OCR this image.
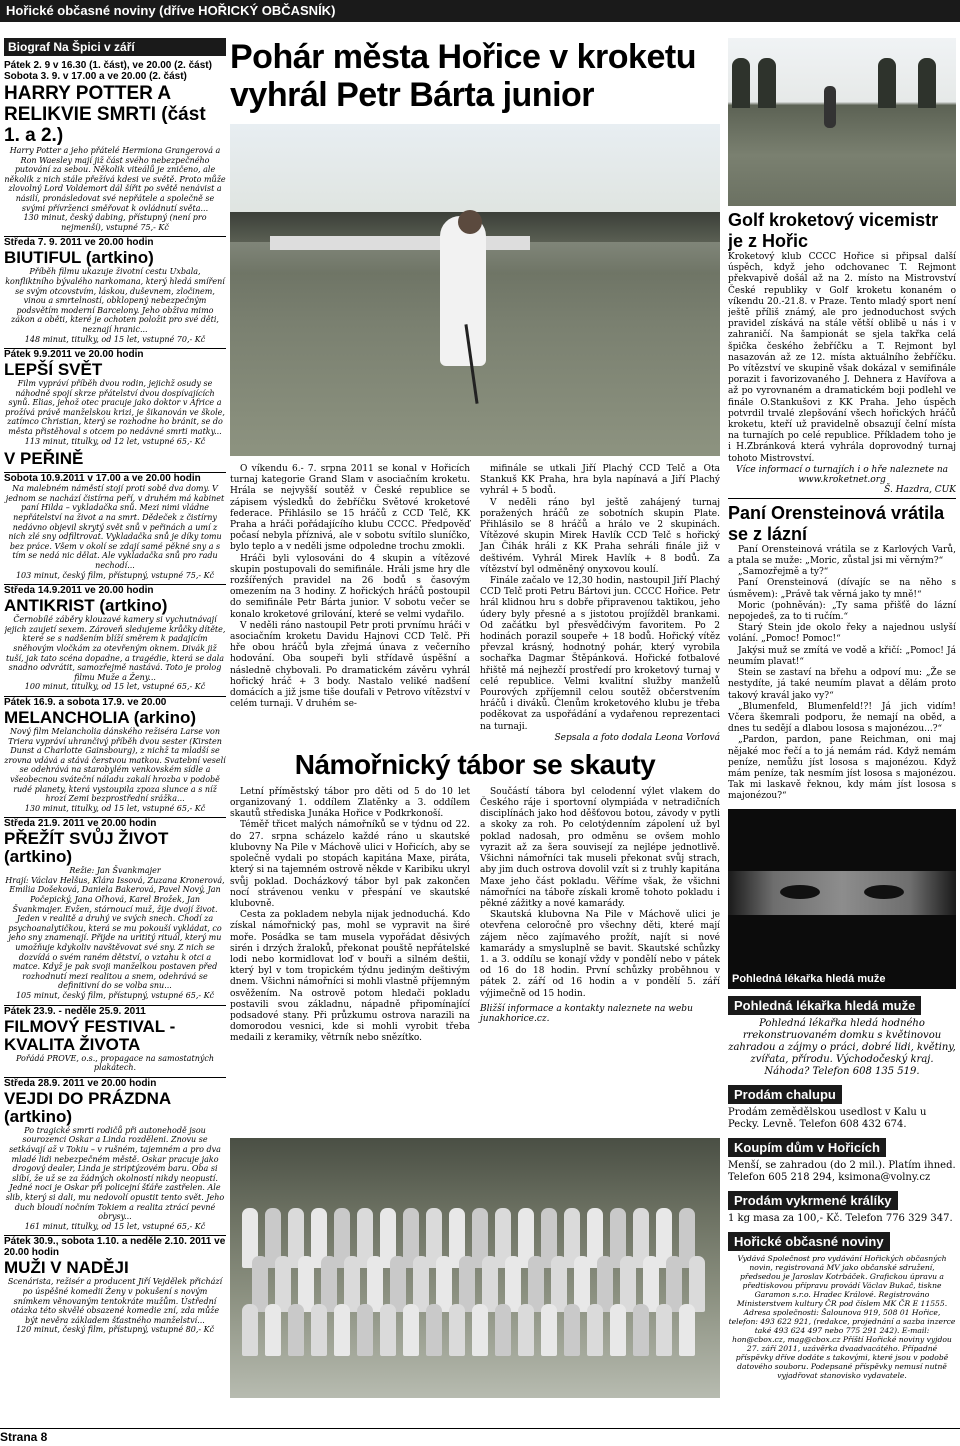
Hořické občasné noviny (dříve HOŘICKÝ OBČASNÍK)
Biograf Na Špici v září
Pátek 2. 9 v 16.30 (1. část), ve 20.00 (2. část)
Sobota 3. 9. v 17.00 a ve 20.00 (2. část)
HARRY POTTER A RELIKVIE SMRTI (část 1. a 2.)
Harry Potter a jeho přátelé Hermiona Grangerová a Ron Waesley mají již část svého nebezpečného putování za sebou. Několik viteálů je zničeno, ale několik z nich stále přežívá kdesi ve světě. Proto může zlovolný Lord Voldemort dál šířit po světě nenávist a násilí, pronásledovat své nepřátele a společně se svými přívrženci směřovat k ovládnutí světa...
130 minut, český dabing, přístupný (není pro nejmenší), vstupné 75,- Kč
Středa 7. 9. 2011 ve 20.00 hodin
BIUTIFUL (artkino)
Příběh filmu ukazuje životní cestu Uxbala, konfliktního bývalého narkomana, který hledá smíření se svým otcovstvím, láskou, duševnem, zločinem, vinou a smrtelností, obklopený nebezpečným podsvětím moderní Barcelony. Jeho obživa mimo zákon a oběti, které je ochoten položit pro své děti, neznají hranic...
148 minut, titulky, od 15 let, vstupné 70,- Kč
Pátek 9.9.2011 ve 20.00 hodin
LEPŠÍ SVĚT
Film vypráví příběh dvou rodin, jejichž osudy se náhodně spojí skrze přátelství dvou dospívajících synů. Elias, jehož otec pracuje jako doktor v Africe a prožívá právě manželskou krizi, je šikanován ve škole, zatímco Christian, který se rozhodne ho bránit, se do města přistěhoval s otcem po nedávné smrti matky...
113 minut, titulky, od 12 let, vstupné 65,- Kč
V PEŘINĚ
Sobota 10.9.2011 v 17.00 a ve 20.00 hodin
Na malebném náměstí stojí proti sobě dva domy. V jednom se nachází čistírna peří, v druhém má kabinet paní Hilda – vykladačka snů. Mezi nimi vládne nepřátelství na život a na smrt. Dědeček z čistírny nedávno objevil skrytý svět snů v peřinách a umí z nich zlé sny odfiltrovat. Vykladačka snů je díky tomu bez práce. Všem v okolí se zdají samé pěkné sny a s tím se nedá nic dělat. Ale vykladačka snů pro radu nechodí...
103 minut, český film, přístupný, vstupné 75,- Kč
Středa 14.9.2011 ve 20.00 hodin
ANTIKRIST (artkino)
Černobílé záběry klouzavé kamery si vychutnávají jejich zaujetí sexem. Zároveň sledujeme krůčky dítěte, které se s nadšením blíží směrem k padajícím sněhovým vločkám za otevřeným oknem. Divák již tuší, jak tato scéna dopadne, a tragédie, která se dala snadno odvrátit, samozřejmě nastává. Toto je prolog filmu Muže a Ženy...
100 minut, titulky, od 15 let, vstupné 65,- Kč
Pátek 16.9. a sobota 17.9. ve 20.00
MELANCHOLIA (arkino)
Nový film Melancholia dánského režiséra Larse von Triera vypráví uhrančivý příběh dvou sester (Kirsten Dunst a Charlotte Gainsbourg), z nichž ta mladší se zrovna vdává a stává čerstvou matkou. Svatební veselí se odehrává na starobylém venkovském sídle a všeobecnou sváteční náladu zakalí hrozba v podobě rudé planety, která vystoupila zpoza slunce a s níž hrozí Zemi bezprostřední srážka...
130 minut, titulky, od 15 let, vstupné 65,- Kč
Středa 21.9. 2011 ve 20.00 hodin
PŘEŽÍT SVŮJ ŽIVOT (artkino)
Režie: Jan Švankmajer
Hrají: Václav Helšus, Klára Issová, Zuzana Kronerová, Emilia Došeková, Daniela Bakerová, Pavel Nový, Jan Počepický, Jana Oľhová, Karel Brožek, Jan Švankmajer. Evžen, stárnoucí muž, žije dvojí život. Jeden v realitě a druhý ve svých snech. Chodí za psychoanalytičkou, která se mu pokouší vykládat, co jeho sny znamenají. Přijde na urititý rituál, který mu umožňuje kdykoliv navštěvovat své sny. Z nich se dozvídá o svém raném dětství, o vztahu k otci a matce. Když je pak svoji manželkou postaven před rozhodnutí mezi realitou a snem, odehrává se definitivní do se volba snu...
105 minut, český film, přístupný, vstupné 65,- Kč
Pátek 23.9. - neděle 25.9. 2011
FILMOVÝ FESTIVAL - KVALITA ŽIVOTA
Pořádá PROVE, o.s., propagace na samostatných plakátech.
Středa 28.9. 2011 ve 20.00 hodin
VEJDI DO PRÁZDNA (artkino)
Po tragické smrti rodičů při autonehodě jsou sourozenci Oskar a Linda rozděleni. Znovu se setkávají až v Tokiu – v rušném, tajemném a pro dva mladé lidi nebezpečném městě. Oskar pracuje jako drogový dealer, Linda je striptýzovém baru. Oba si slíbí, že už se za žádných okolností nikdy neopustí. Jedné noci je Oskar při policejní šťáře zastřelen. Ale slib, který si dali, mu nedovolí opustit tento svět. Jeho duch bloudí nočním Tokiem a realita ztrácí pevné obrysy...
161 minut, titulky, od 15 let, vstupné 65,- Kč
Pátek 30.9., sobota 1.10. a neděle 2.10. 2011 ve 20.00 hodin
MUŽI V NADĚJI
Scenárista, režisér a producent Jiří Vejdělek přichází po úspěšné komedii Ženy v pokušení s novým snímkem věnovaným tentokráte mužům. Ústřední otázka této skvělé obsazené komedie zní, zda může být nevěra základem šťastného manželství...
120 minut, český film, přístupný, vstupné 80,- Kč
Pohár města Hořice v kroketu vyhrál Petr Bárta junior

O víkendu 6.- 7. srpna 2011 se konal v Hořicích turnaj kategorie Grand Slam v asociačním kroketu. Hrála se nejvyšší soutěž v České republice se zápisem výsledků do žebříčku Světové kroketové federace. Přihlásilo se 15 hráčů z CCD Telč, KK Praha a hráči pořádajícího klubu CCCC. Předpověď počasí nebyla příznivá, ale v sobotu svítilo sluníčko, bylo teplo a v neděli jsme odpoledne trochu zmokli.

Hráči byli vylosováni do 4 skupin a vítězové skupin postupovali do semifinále. Hráli jsme hry dle rozšířených pravidel na 26 bodů s časovým omezením na 3 hodiny. Z hořických hráčů postoupil do semifinále Petr Bárta junior. V sobotu večer se konalo kroketové grilování, které se velmi vydařilo.

V neděli ráno nastoupil Petr proti prvnímu hráči v asociačním kroketu Davidu Hajnovi CCD Telč. Při hře obou hráčů byla zřejmá únava z večerního hodování. Oba soupeři byli střídavě úspěšní a následně chybovali. Po dramatickém závěru vyhrál hořický hráč + 3 body. Nastalo veliké nadšení domácích a již jsme tiše doufali v Petrovo vítězství v celém turnaji. V druhém se-

mifinále se utkali Jiří Plachý CCD Telč a Ota Stankuš KK Praha, hra byla napínavá a Jiří Plachý vyhrál + 5 bodů.

V neděli ráno byl ještě zahájený turnaj poražených hráčů ze sobotních skupin Plate. Přihlásilo se 8 hráčů a hrálo ve 2 skupinách. Vítězové skupin Mirek Havlík CCD Telč s hořický Jan Čihák hráli z KK Praha sehráli finále již v deštivém. Vyhrál Mirek Havlík + 8 bodů. Za vítězství byl odměněný onyxovou koulí.

Finále začalo ve 12,30 hodin, nastoupil Jiří Plachý CCD Telč proti Petru Bártovi jun. CCCC Hořice. Petr hrál klidnou hru s dobře připravenou taktikou, jeho údery byly přesné a s jistotou projížděl brankami. Od začátku byl přesvědčivým favoritem. Po 2 hodinách porazil soupeře + 18 bodů. Hořický vítěz převzal krásný, hodnotný pohár, který vyrobila sochařka Dagmar Štěpánková. Hořické fotbalové hřiště má nejhezčí prostředí pro kroketový turnaj v celé republice. Velmi kvalitní služby manželů Pourových zpříjemnil celou soutěž občerstvením hráčů i diváků. Členům kroketového klubu je třeba poděkovat za uspořádání a vydařenou reprezentaci na turnaji.

Sepsala a foto dodala Leona Vorlová
Námořnický tábor se skauty

Letní příměstský tábor pro děti od 5 do 10 let organizovaný 1. oddílem Zlatěnky a 3. oddílem skautů střediska Junáka Hořice v Podkrkonoší.

Téměř třicet malých námořníků se v týdnu od 22. do 27. srpna scházelo každé ráno u skautské klubovny Na Pile v Máchově ulici v Hořicích, aby se společně vydali po stopách kapitána Maxe, piráta, který si na tajemném ostrově někde v Karibiku ukryl svůj poklad. Docházkový tábor byl pak zakončen nocí strávenou venku v přespání ve skautské klubovně.

Cesta za pokladem nebyla nijak jednoduchá. Kdo získal námořnický pas, mohl se vypravit na širé moře. Posádka se tam musela vypořádat děsivých sirén i drzých žraloků, překonat pouště nepřátelské lodi nebo kormidlovat loď v bouři a silném deštii, který byl v tom tropickém týdnu jediným deštivým dnem. Všichni námořníci si mohli vlastně příjemným osvěžením. Na ostrově potom hledači pokladu postavili svou základnu, nápadně připomínající podsadové stany. Při průzkumu ostrova narazili na domorodou vesnici, kde si mohli vyrobit třeba medaili z keramiky, větrník nebo snězítko.

Součástí tábora byl celodenní výlet vlakem do Českého ráje i sportovní olympiáda v netradičních disciplínách jako hod děšťovou botou, závody v pytli a skoky za roh. Po celotýdenním zápolení už byl poklad nadosah, pro odměnu se ovšem mohlo vyrazit až za šera souvisejí za nejlépe jednotlivě. Všichni námořníci tak museli překonat svůj strach, aby jim duch ostrova dovolil vzít si z truhly kapitána Maxe jeho část pokladu. Věříme však, že všichni námořníci na táboře získali kromě tohoto pokladu i pěkné zážitky a nové kamarády.

Skautská klubovna Na Pile v Máchově ulici je otevřena celoročně pro všechny děti, které mají zájem něco zajímavého prožít, najít si nové kamarády a smysluplně se bavit. Skautské schůzky 1. a 3. oddílu se konají vždy v pondělí nebo v pátek od 16 do 18 hodin. První schůzky proběhnou v pátek 2. září od 16 hodin a v pondělí 5. září výjimečně od 15 hodin.

Bližší informace a kontakty naleznete na webu junakhorice.cz.
Golf kroketový vicemistr je z Hořic
Kroketový klub CCCC Hořice si připsal další úspěch, když jeho odchovanec T. Rejmont překvapivě došál až na 2. místo na Mistrovství České republiky v Golf kroketu konaném o víkendu 20.-21.8. v Praze. Tento mladý sport není ještě příliš známý, ale pro jednoduchost svých pravidel získává na stále větší oblibě u nás i v zahraničí. Na šampionát se sjela takřka celá špička českého žebříčku a T. Rejmont byl nasazován až ze 12. místa aktuálního žebříčku. Po vítězství ve skupině však dokázal v semifinále porazit i favorizovaného J. Dehnera z Havířova a až po vyrovnaném a dramatickém boji podlehl ve finále O.Stankušovi z KK Praha. Jeho úspěch potvrdil trvalé zlepšování všech hořických hráčů kroketu, kteří už pravidelně obsazují čelní místa na turnajích po celé republice. Příkladem toho je i H.Zbránková která vyhrála doprovodný turnaj tohoto Mistrovství.
Více informací o turnajích i o hře naleznete na www.kroketnet.org
Š. Hazdra, CUK
Paní Orensteinová vrátila se z lázní

Paní Orensteinová vrátila se z Karlových Varů, a ptala se muže: „Moric, zůstal jsi mi věrným?“

„Samozřejmě a ty?“

Paní Orensteinová (dívajíc se na něho s úsměvem): „Právě tak věrná jako ty mně!“

Moric (pohněván): „Ty sama přišťě do lázní nepojedeš, za to ti ručím.“

Starý Stein jde okolo řeky a najednou uslyší volání. „Pomoc! Pomoc!“

Jakýsi muž se zmítá ve vodě a křičí: „Pomoc! Já neumím plavat!“

Stein se zastaví na břehu a odpoví mu: „Že se nestydíte, já také neumím plavat a dělám proto takový kravál jako vy?“

„Blumenfeld, Blumenfeld!?! Já jich vidím! Včera škemrali podporu, že nemají na oběd, a dnes tu sedějí a dlabou lososa s majonézou...?“

„Pardon, pardon, pane Reichman, oni maj nějaké moc řečí a to já nemám rád. Když nemám peníze, nemůžu jíst lososa s majonézou. Když mám peníze, tak nesmím jíst lososa s majonézou. Tak mi laskavě řeknou, kdy mám jíst lososa s majonézou?“

Pohledná lékařka hledá muže
Pohledná lékařka hledá muže
Pohledná lékařka hledá hodného rrekonstruovaném domku s květinovou zahradou a zájmy o práci, dobré lidi, květiny, zvířata, přírodu. Východočeský kraj. Náhoda? Telefon 608 135 519.
Prodám chalupu
Prodám zemědělskou usedlost v Kalu u Pecky. Levně. Telefon 608 432 674.
Koupím dům v Hořicích
Menší, se zahradou (do 2 mil.). Platím ihned. Telefon 605 218 294, ksimona@volny.cz
Prodám vykrmené králíky
1 kg masa za 100,- Kč. Telefon 776 329 347.
Hořické občasné noviny
Vydává Společnost pro vydávání Hořických občasných novin, registrovaná MV jako občanské sdružení, předsedou je Jaroslav Kotrbáček. Grafickou úpravu a předtiskovou přípravu provádí Václav Bukač, tiskne Garamon s.r.o. Hradec Králové. Registrováno Ministerstvem kultury ČR pod číslem MK ČR E 11555. Adresa společnosti: Šalounova 919, 508 01 Hořice, telefon: 493 622 921, (redakce, projednání a sazba inzerce také 493 624 497 nebo 775 291 242). E-mail: hon@cbox.cz, mag@cbox.cz Příští Hořické noviny vyjdou 27. září 2011, uzávěrka dvaadvacátého. Případné příspěvky dříve dodáte s takovými, které jsou v podobě datového souboru. Podepsané příspěvky nemusí nutně vyjadřovat stanovisko vydavatele.
Strana 8
